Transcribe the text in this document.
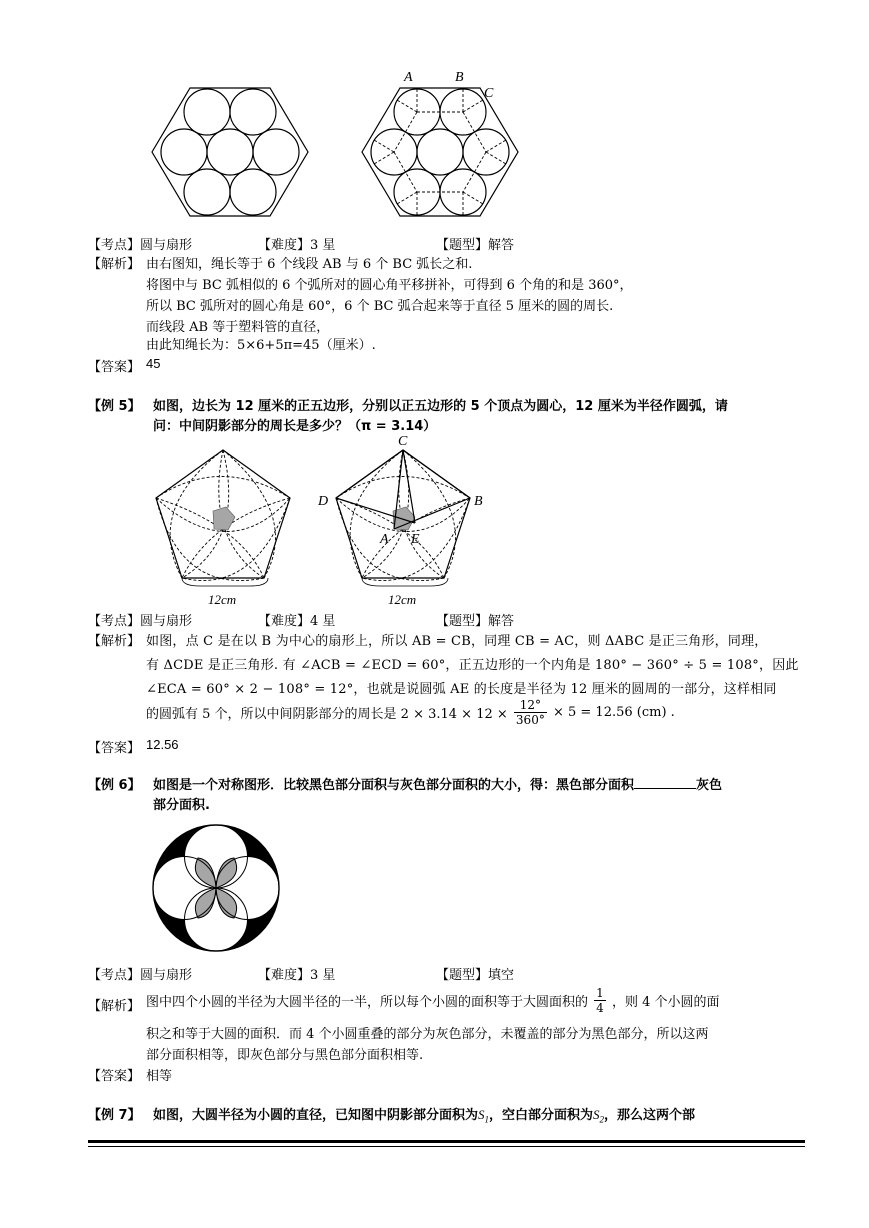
A	B
C
【考点】圆与扇形	【难度】3 星	【题型】解答
【解析】 由右图知，绳长等于 6 个线段 AB 与 6 个 BC 弧长之和.
将图中与 BC 弧相似的 6 个弧所对的圆心角平移拼补，可得到 6 个角的和是 360°，
所以 BC 弧所对的圆心角是 60°，6 个 BC 弧合起来等于直径 5 厘米的圆的周长.
而线段 AB 等于塑料管的直径，
由此知绳长为：5×6+5π=45（厘米）.
【答案】 45
【例 5】 如图，边长为 12 厘米的正五边形，分别以正五边形的 5 个顶点为圆心，12 厘米为半径作圆弧，请
问：中间阴影部分的周长是多少？（π = 3.14）
12cm	12cm
C
D	B
A E
【考点】圆与扇形	【难度】4 星	【题型】解答
【解析】 如图，点 C 是在以 B 为中心的扇形上，所以 AB = CB，同理 CB = AC，则 ΔABC 是正三角形，同理，
有 ΔCDE 是正三角形. 有 ∠ACB = ∠ECD = 60°，正五边形的一个内角是 180° − 360° ÷ 5 = 108°，因此
∠ECA = 60° × 2 − 108° = 12°，也就是说圆弧 AE 的长度是半径为 12 厘米的圆周的一部分，这样相同
的圆弧有 5 个，所以中间阴影部分的周长是 $2 \times 3.14 \times 12 \times \frac{12^\circ}{360^\circ} \times 5 = 12.56$ (cm) .
【答案】 12.56
【例 6】 如图是一个对称图形．比较黑色部分面积与灰色部分面积的大小，得：黑色部分面积	灰色
部分面积.
【考点】圆与扇形	【难度】3 星	【题型】填空
【解析】 图中四个小圆的半径为大圆半径的一半，所以每个小圆的面积等于大圆面积的 $\frac{1}{4}$ ，则 4 个小圆的面
积之和等于大圆的面积．而 4 个小圆重叠的部分为灰色部分，未覆盖的部分为黑色部分，所以这两
部分面积相等，即灰色部分与黑色部分面积相等.
【答案】 相等
【例 7】 如图，大圆半径为小圆的直径，已知图中阴影部分面积为$S_1$，空白部分面积为$S_2$，那么这两个部
